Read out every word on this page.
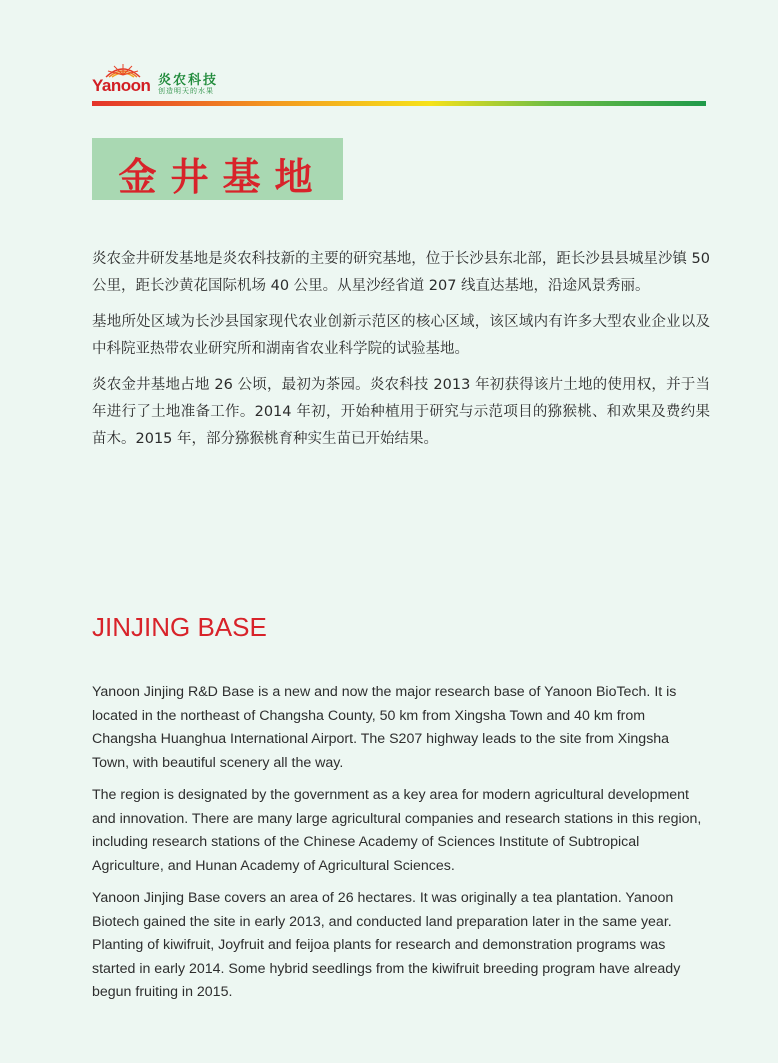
Yanoon 炎农科技
创造明天的水果
金井基地

炎农金井研发基地是炎农科技新的主要的研究基地，位于长沙县东北部，距长沙县县城星沙镇 50 公里，距长沙黄花国际机场 40 公里。从星沙经省道 207 线直达基地，沿途风景秀丽。

基地所处区域为长沙县国家现代农业创新示范区的核心区域，该区域内有许多大型农业企业以及中科院亚热带农业研究所和湖南省农业科学院的试验基地。

炎农金井基地占地 26 公顷，最初为茶园。炎农科技 2013 年初获得该片土地的使用权，并于当年进行了土地准备工作。2014 年初，开始种植用于研究与示范项目的猕猴桃、和欢果及费约果苗木。2015 年，部分猕猴桃育种实生苗已开始结果。

JINJING BASE

Yanoon Jinjing R&D Base is a new and now the major research base of Yanoon BioTech. It is located in the northeast of Changsha County, 50 km from Xingsha Town and 40 km from Changsha Huanghua International Airport. The S207 highway leads to the site from Xingsha Town, with beautiful scenery all the way.

The region is designated by the government as a key area for modern agricultural development and innovation. There are many large agricultural companies and research stations in this region, including research stations of the Chinese Academy of Sciences Institute of Subtropical Agriculture, and Hunan Academy of Agricultural Sciences.

Yanoon Jinjing Base covers an area of 26 hectares. It was originally a tea plantation. Yanoon Biotech gained the site in early 2013, and conducted land preparation later in the same year. Planting of kiwifruit, Joyfruit and feijoa plants for research and demonstration programs was started in early 2014. Some hybrid seedlings from the kiwifruit breeding program have already begun fruiting in 2015.
